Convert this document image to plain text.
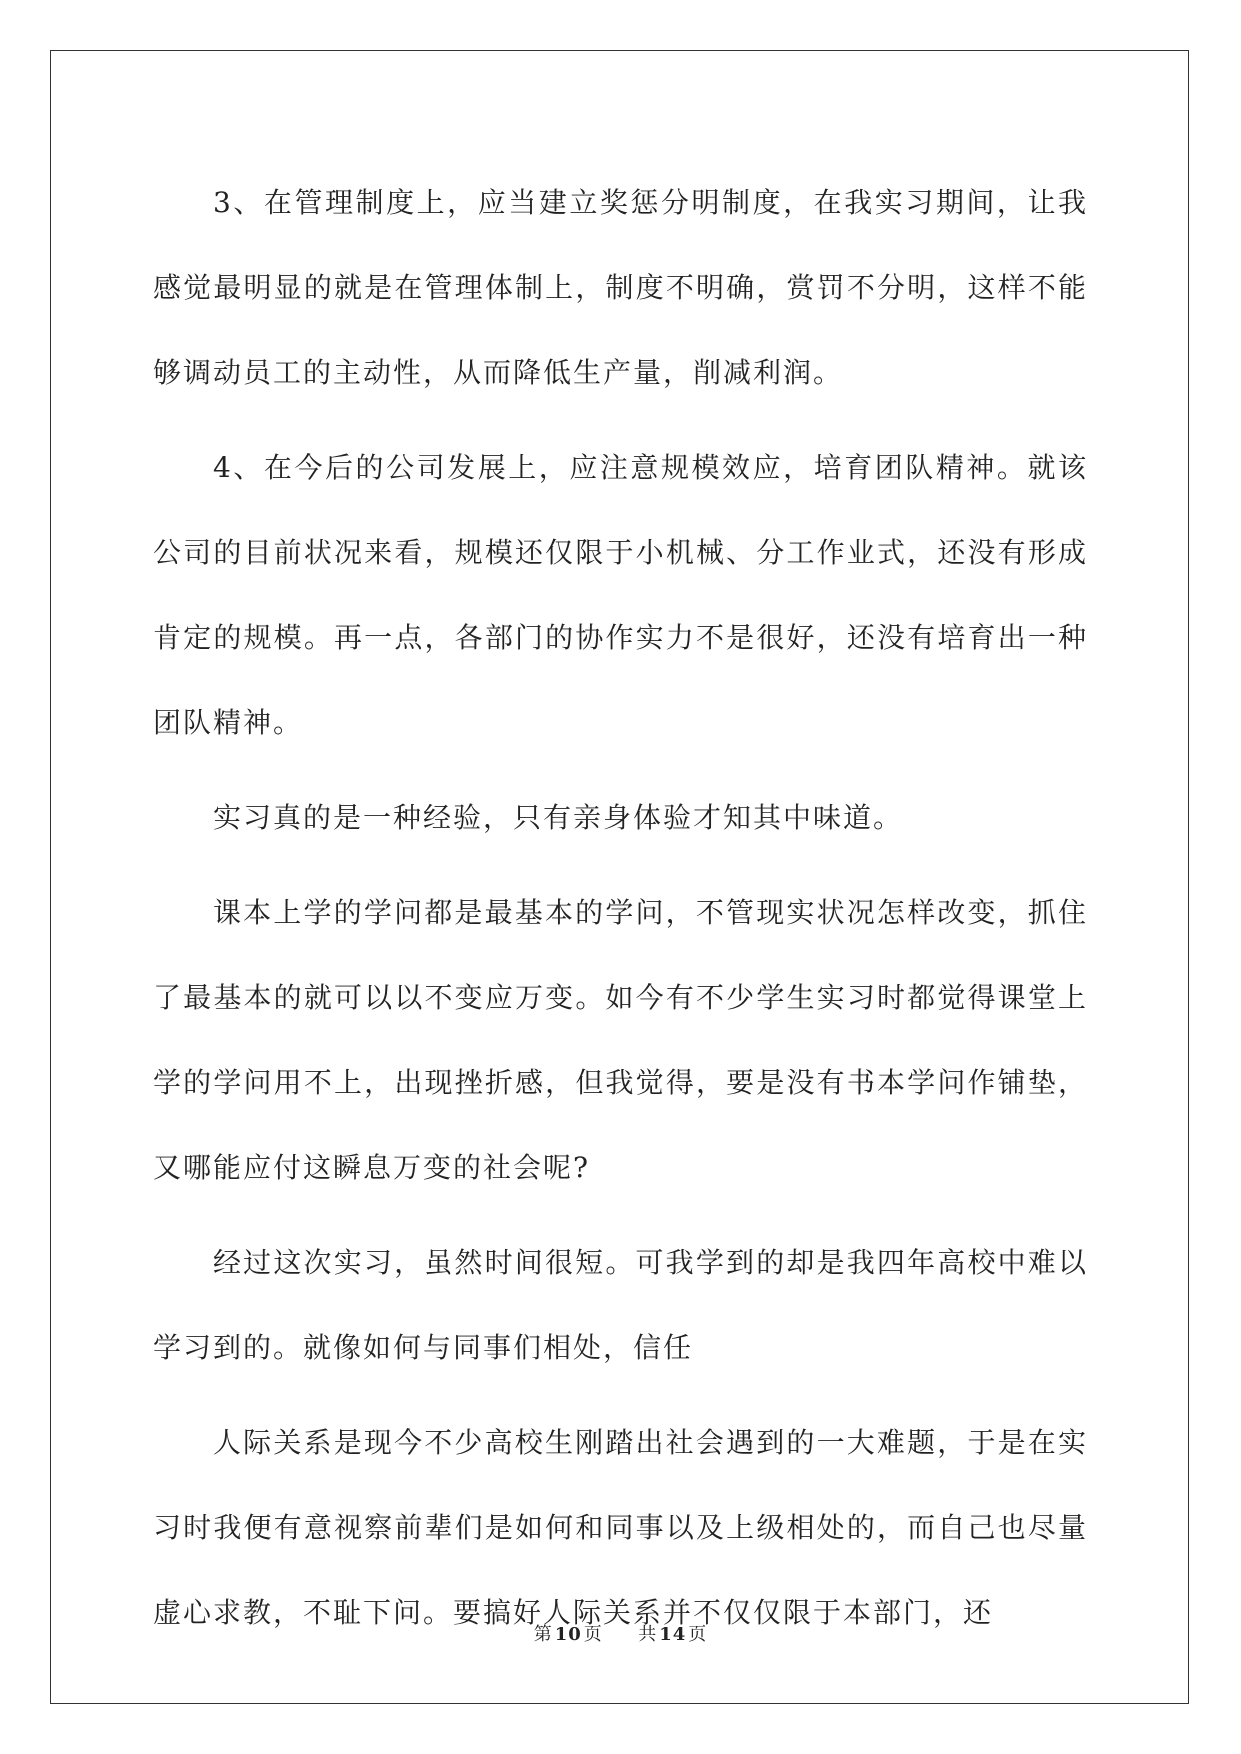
3、在管理制度上，应当建立奖惩分明制度，在我实习期间，让我感觉最明显的就是在管理体制上，制度不明确，赏罚不分明，这样不能够调动员工的主动性，从而降低生产量，削减利润。

4、在今后的公司发展上，应注意规模效应，培育团队精神。就该公司的目前状况来看，规模还仅限于小机械、分工作业式，还没有形成肯定的规模。再一点，各部门的协作实力不是很好，还没有培育出一种团队精神。

实习真的是一种经验，只有亲身体验才知其中味道。

课本上学的学问都是最基本的学问，不管现实状况怎样改变，抓住了最基本的就可以以不变应万变。如今有不少学生实习时都觉得课堂上学的学问用不上，出现挫折感，但我觉得，要是没有书本学问作铺垫，又哪能应付这瞬息万变的社会呢?

经过这次实习，虽然时间很短。可我学到的却是我四年高校中难以学习到的。就像如何与同事们相处，信任

人际关系是现今不少高校生刚踏出社会遇到的一大难题，于是在实习时我便有意视察前辈们是如何和同事以及上级相处的，而自己也尽量虚心求教，不耻下问。要搞好人际关系并不仅仅限于本部门，还

第 10 页 共 14 页
